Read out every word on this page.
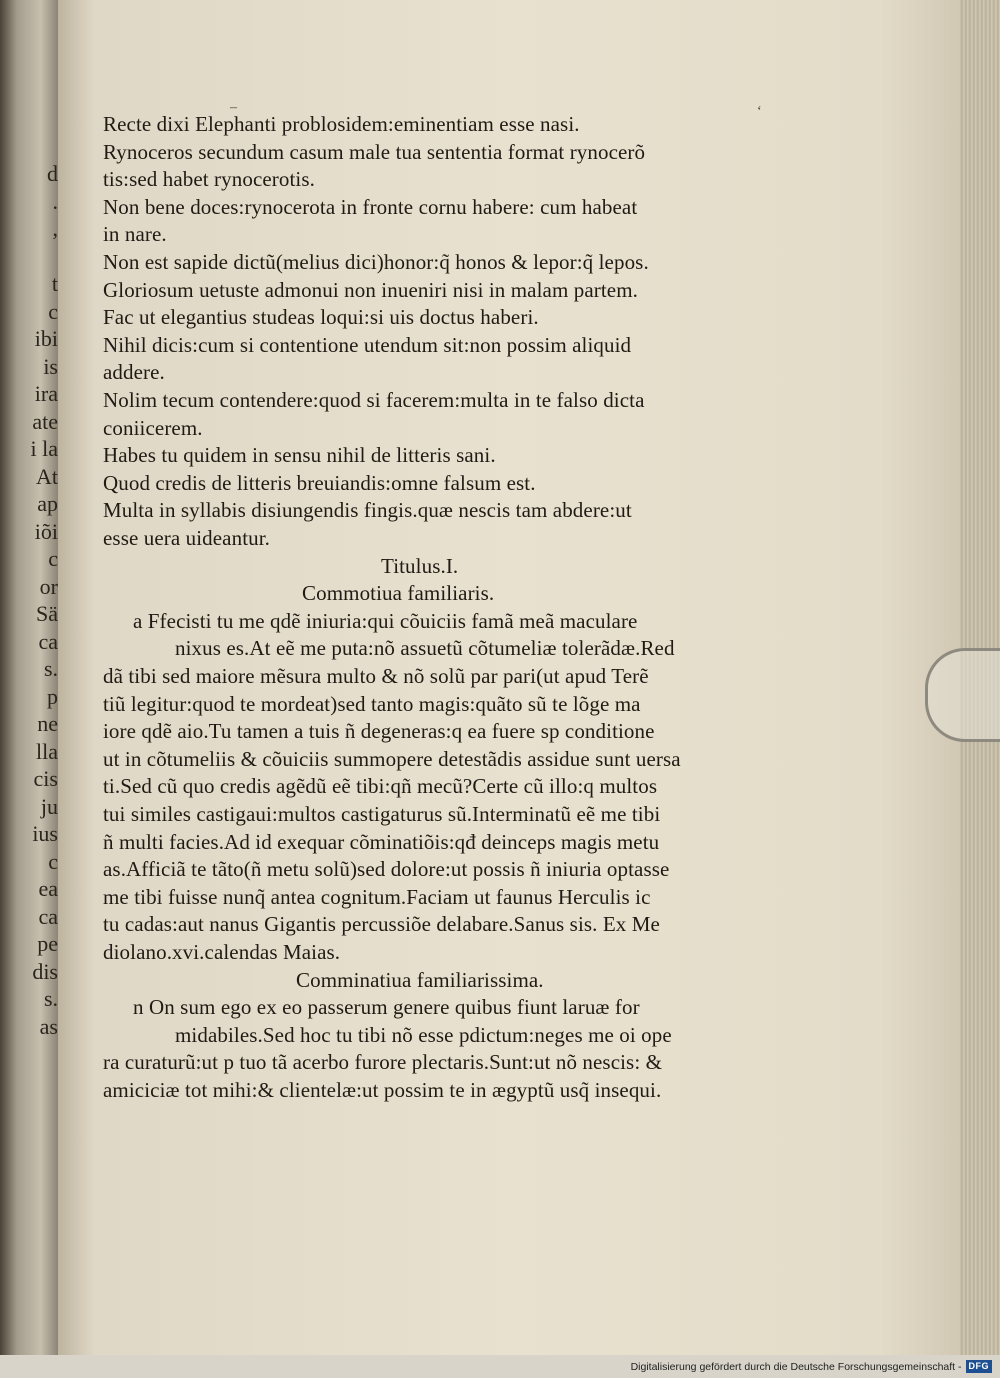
d
.
,

t
c
ibi
is
ira
ate
i la
At
ap
iõi
c
or
Sä
ca
s.
p
ne
lla
cis
ju
ius
c
ea
ca
pe
dis
s.
as
–	ʻ
Recte dixi Elephanti problosidem:eminentiam esse nasi.
Rynoceros secundum casum male tua sententia format rynocerõ
tis:sed habet rynocerotis.
Non bene doces:rynocerota in fronte cornu habere: cum habeat
in nare.
Non est sapide dictũ(melius dici)honor:q̃ honos & lepor:q̃ lepos.
Gloriosum uetuste admonui non inueniri nisi in malam partem.
Fac ut elegantius studeas loqui:si uis doctus haberi.
Nihil dicis:cum si contentione utendum sit:non possim aliquid
addere.
Nolim tecum contendere:quod si facerem:multa in te falso dicta
coniicerem.
Habes tu quidem in sensu nihil de litteris sani.
Quod credis de litteris breuiandis:omne falsum est.
Multa in syllabis disiungendis fingis.quæ nescis tam abdere:ut
esse uera uideantur.
Titulus.I.
Commotiua familiaris.
a Ffecisti tu me qdẽ iniuria:qui cõuiciis famã meã maculare
nixus es.At eẽ me puta:nõ assuetũ cõtumeliæ tolerãdæ.Red
dã tibi sed maiore mẽsura multo & nõ solũ par pari(ut apud Terẽ
tiũ legitur:quod te mordeat)sed tanto magis:quãto sũ te lõge ma
iore qdẽ aio.Tu tamen a tuis ñ degeneras:q ea fuere sp conditione
ut in cõtumeliis & cõuiciis summopere detestãdis assidue sunt uersa
ti.Sed cũ quo credis agẽdũ eẽ tibi:qñ mecũ?Certe cũ illo:q multos
tui similes castigaui:multos castigaturus sũ.Interminatũ eẽ me tibi
ñ multi facies.Ad id exequar cõminatiõis:qđ deinceps magis metu
as.Afficiã te tãto(ñ metu solũ)sed dolore:ut possis ñ iniuria optasse
me tibi fuisse nunq̃ antea cognitum.Faciam ut faunus Herculis ic
tu cadas:aut nanus Gigantis percussiõe delabare.Sanus sis. Ex Me
diolano.xvi.calendas Maias.
Comminatiua familiarissima.
n On sum ego ex eo passerum genere quibus fiunt laruæ for
midabiles.Sed hoc tu tibi nõ esse pdictum:neges me oi ope
ra curaturũ:ut p tuo tã acerbo furore plectaris.Sunt:ut nõ nescis: &
amiciciæ tot mihi:& clientelæ:ut possim te in ægyptũ usq̃ insequi.
Digitalisierung gefördert durch die Deutsche Forschungsgemeinschaft - DFG
